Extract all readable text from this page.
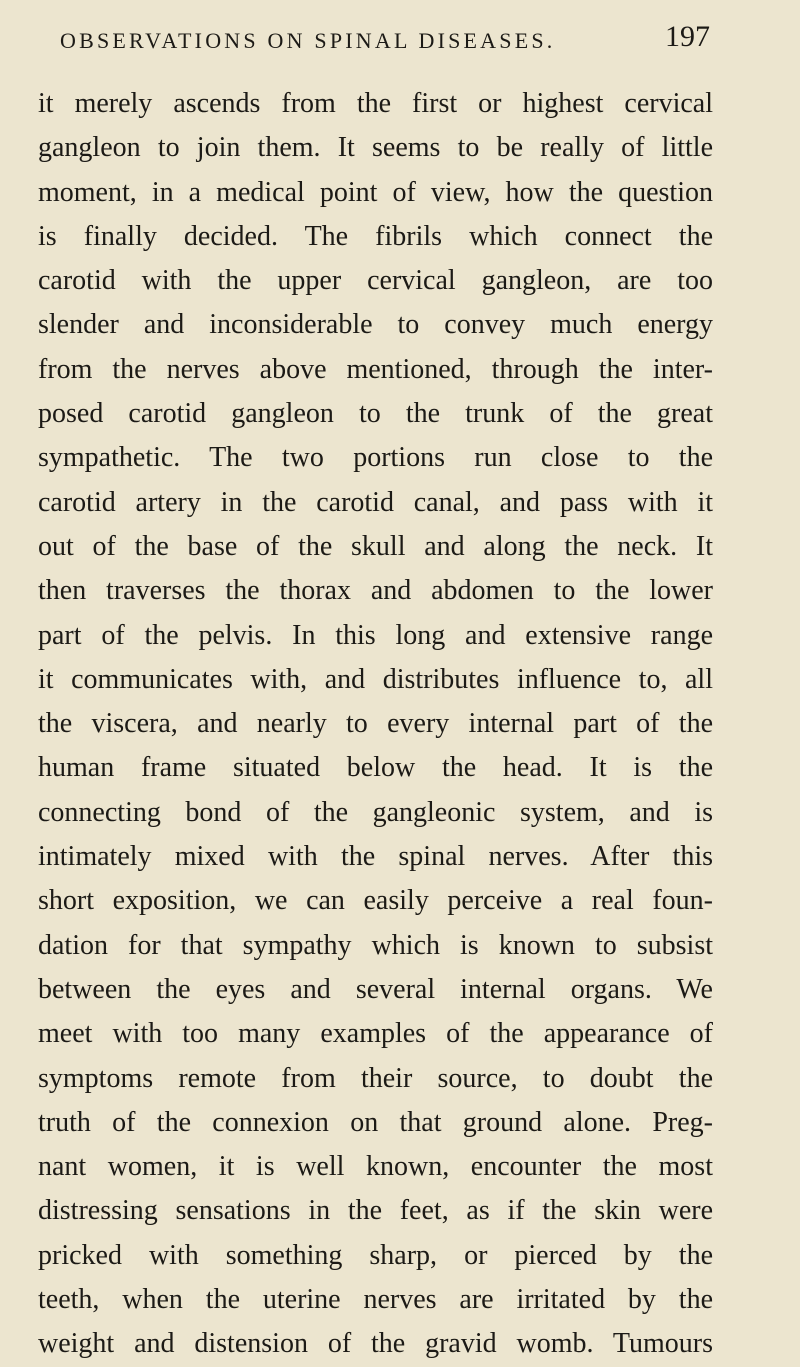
OBSERVATIONS ON SPINAL DISEASES.	197
it merely ascends from the first or highest cervical
gangleon to join them. It seems to be really of little
moment, in a medical point of view, how the question
is finally decided. The fibrils which connect the
carotid with the upper cervical gangleon, are too
slender and inconsiderable to convey much energy
from the nerves above mentioned, through the inter-
posed carotid gangleon to the trunk of the great
sympathetic. The two portions run close to the
carotid artery in the carotid canal, and pass with it
out of the base of the skull and along the neck. It
then traverses the thorax and abdomen to the lower
part of the pelvis. In this long and extensive range
it communicates with, and distributes influence to, all
the viscera, and nearly to every internal part of the
human frame situated below the head. It is the
connecting bond of the gangleonic system, and is
intimately mixed with the spinal nerves. After this
short exposition, we can easily perceive a real foun-
dation for that sympathy which is known to subsist
between the eyes and several internal organs. We
meet with too many examples of the appearance of
symptoms remote from their source, to doubt the
truth of the connexion on that ground alone. Preg-
nant women, it is well known, encounter the most
distressing sensations in the feet, as if the skin were
pricked with something sharp, or pierced by the
teeth, when the uterine nerves are irritated by the
weight and distension of the gravid womb. Tumours
